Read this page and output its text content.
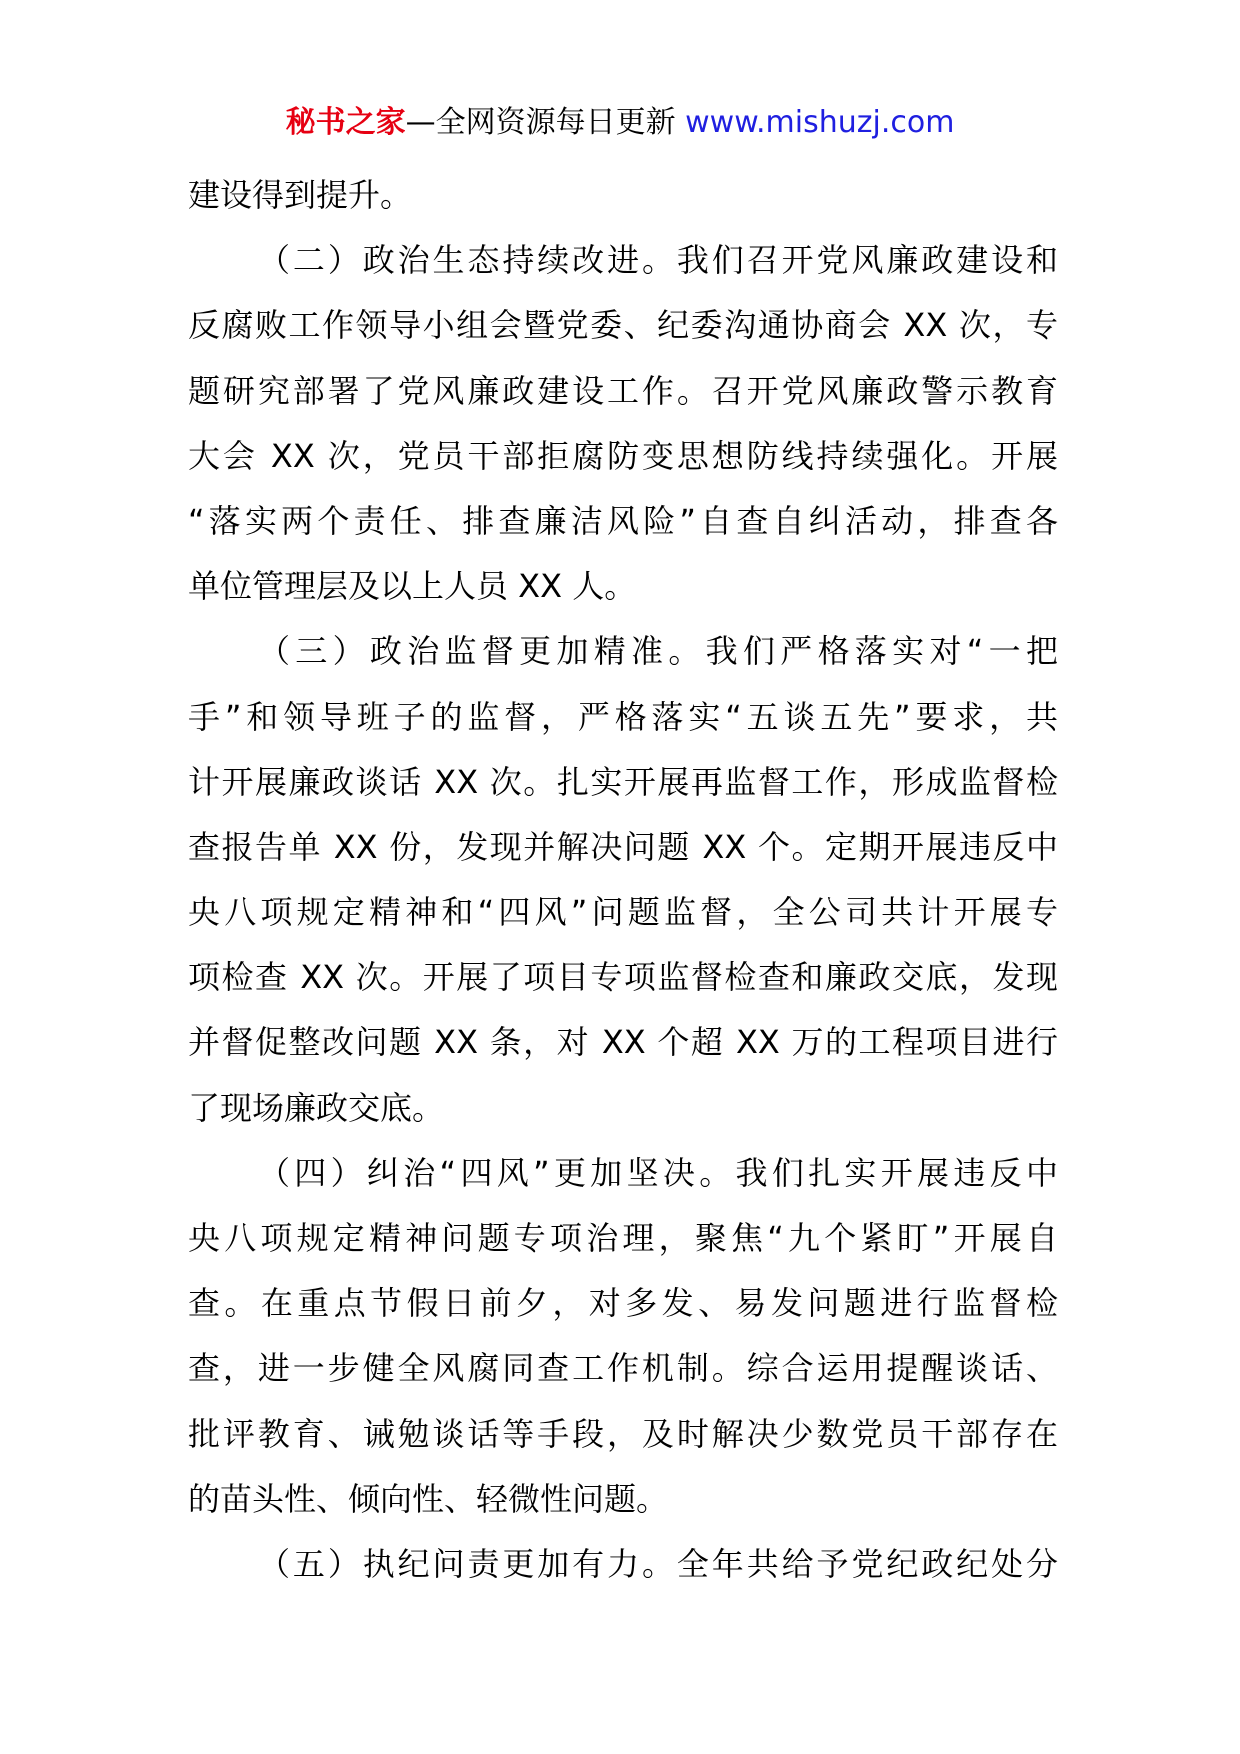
秘书之家—全网资源每日更新 www.mishuzj.com
建设得到提升。
（二）政治生态持续改进。我们召开党风廉政建设和
反腐败工作领导小组会暨党委、纪委沟通协商会 XX 次，专
题研究部署了党风廉政建设工作。召开党风廉政警示教育
大会 XX 次，党员干部拒腐防变思想防线持续强化。开展
“落实两个责任、排查廉洁风险”自查自纠活动，排查各
单位管理层及以上人员 XX 人。
（三）政治监督更加精准。我们严格落实对“一把
手”和领导班子的监督，严格落实“五谈五先”要求，共
计开展廉政谈话 XX 次。扎实开展再监督工作，形成监督检
查报告单 XX 份，发现并解决问题 XX 个。定期开展违反中
央八项规定精神和“四风”问题监督，全公司共计开展专
项检查 XX 次。开展了项目专项监督检查和廉政交底，发现
并督促整改问题 XX 条，对 XX 个超 XX 万的工程项目进行
了现场廉政交底。
（四）纠治“四风”更加坚决。我们扎实开展违反中
央八项规定精神问题专项治理，聚焦“九个紧盯”开展自
查。在重点节假日前夕，对多发、易发问题进行监督检
查，进一步健全风腐同查工作机制。综合运用提醒谈话、
批评教育、诫勉谈话等手段，及时解决少数党员干部存在
的苗头性、倾向性、轻微性问题。
（五）执纪问责更加有力。全年共给予党纪政纪处分
